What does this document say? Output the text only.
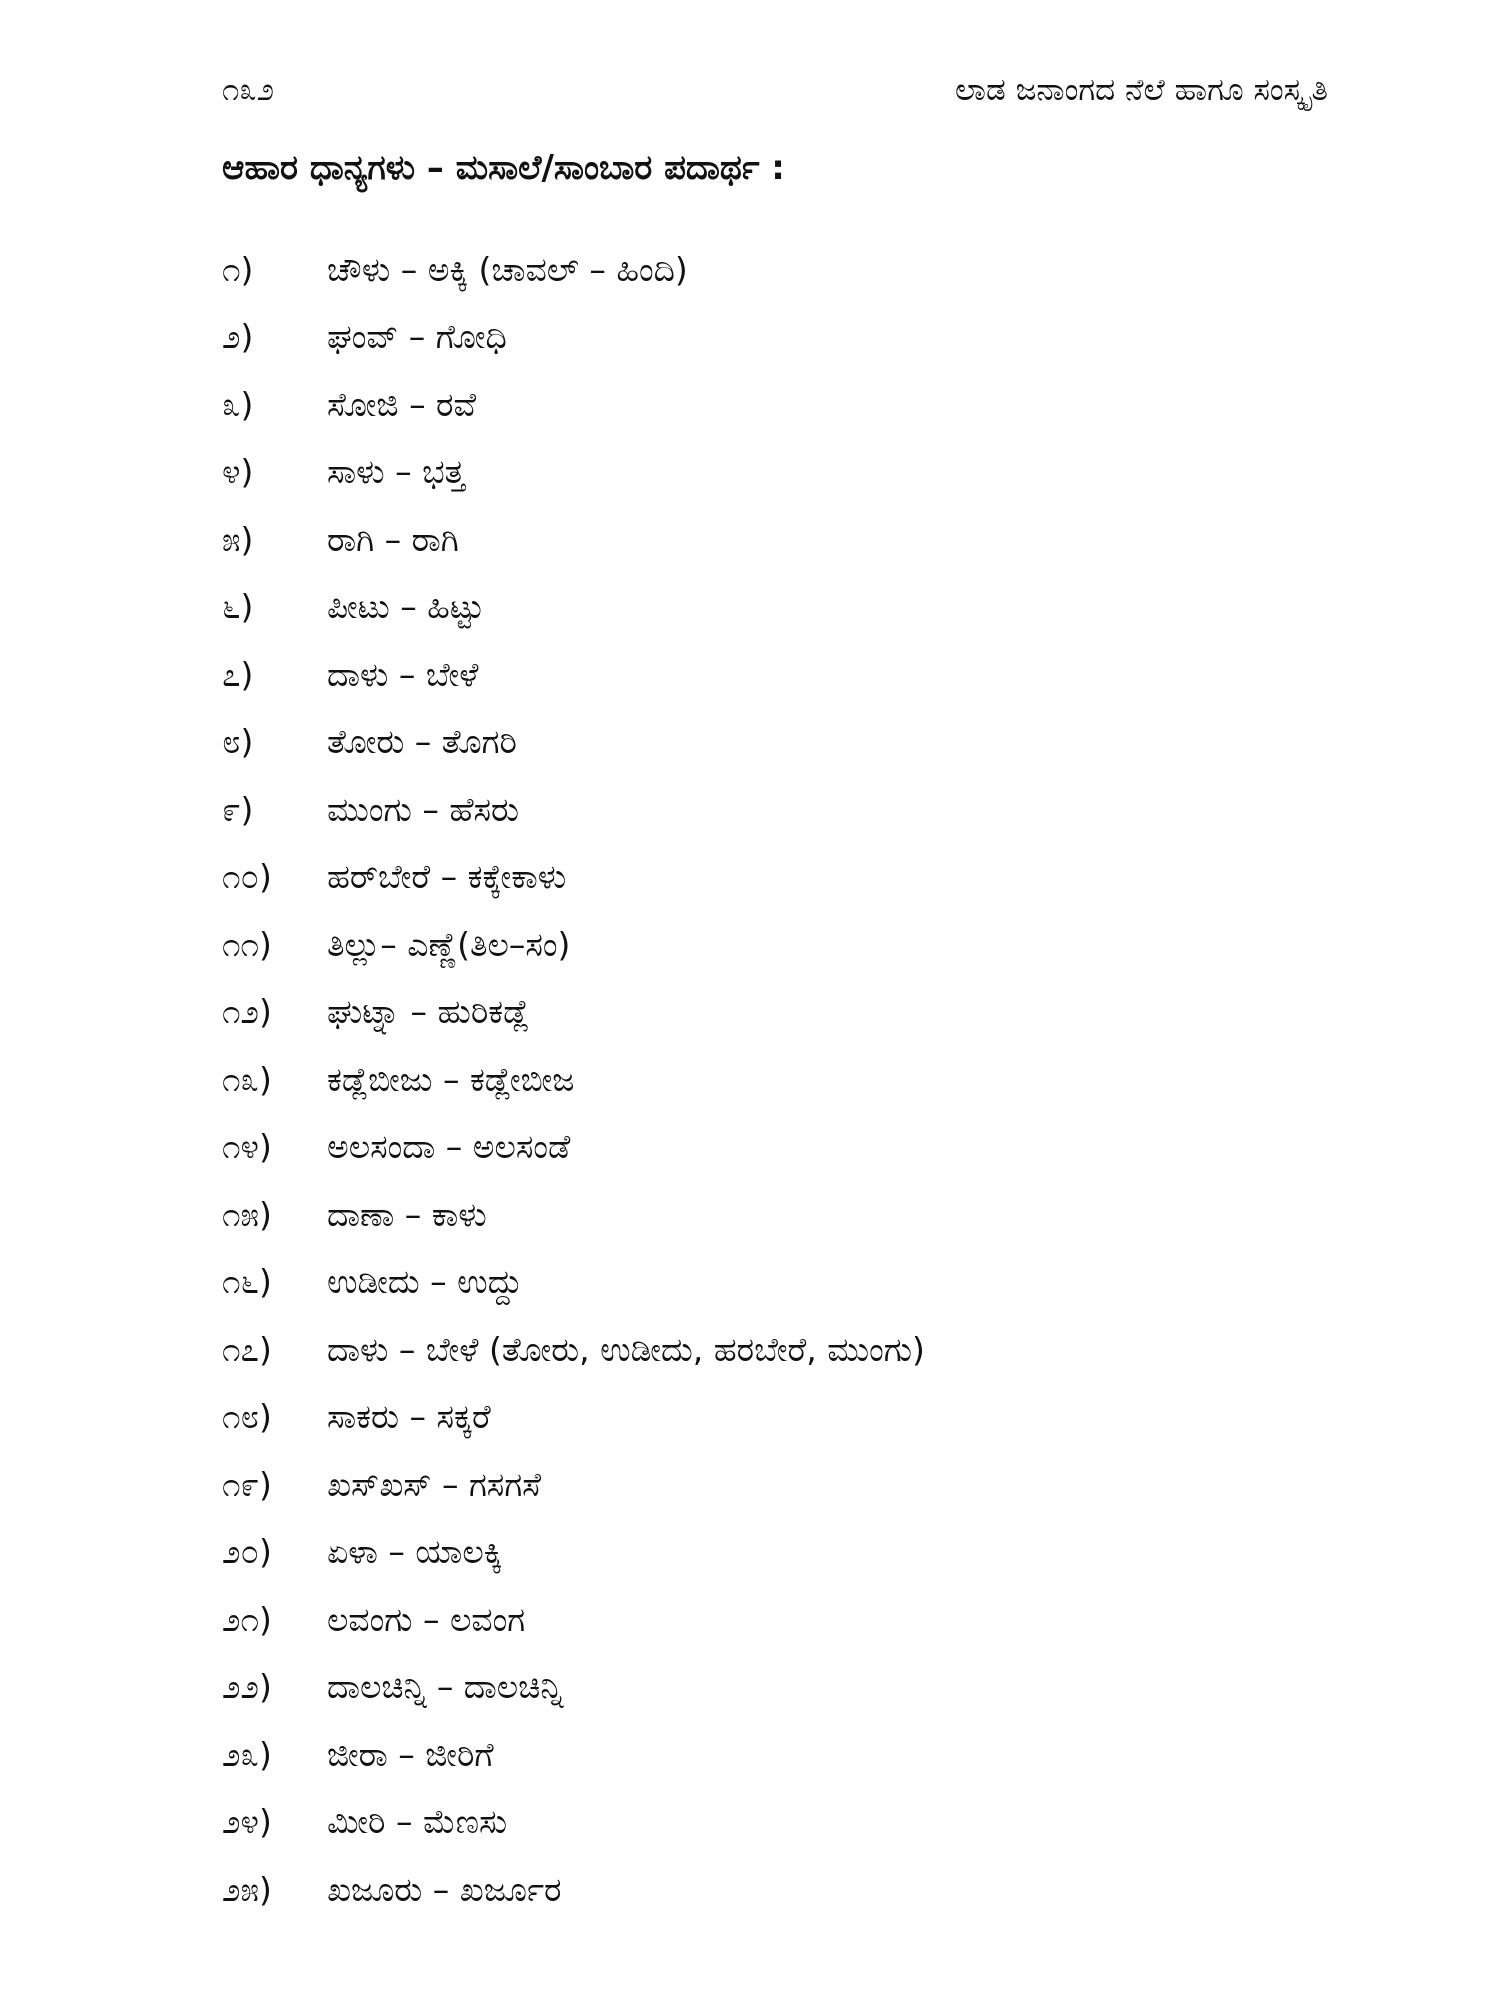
೧೩೨	ಲಾಡ ಜನಾಂಗದ ನೆಲೆ ಹಾಗೂ ಸಂಸ್ಕೃತಿ
ಆಹಾರ ಧಾನ್ಯಗಳು – ಮಸಾಲೆ/ಸಾಂಬಾರ ಪದಾರ್ಥ :
೧)	ಚೌಳು – ಅಕ್ಕಿ (ಚಾವಲ್ – ಹಿಂದಿ)
೨)	ಘಂವ್ – ಗೋಧಿ
೩)	ಸೋಜಿ – ರವೆ
೪)	ಸಾಳು – ಭತ್ತ
೫)	ರಾಗಿ – ರಾಗಿ
೬)	ಪೀಟು – ಹಿಟ್ಟು
೭)	ದಾಳು – ಬೇಳೆ
೮)	ತೋರು – ತೊಗರಿ
೯)	ಮುಂಗು – ಹೆಸರು
೧೦)	ಹರ್‌ಬೇರೆ – ಕಕ್ಕೇಕಾಳು
೧೧)	ತಿಲ್ಲು– ಎಣ್ಣೆ(ತಿಲ–ಸಂ)
೧೨)	ಘುಟ್ನಾ – ಹುರಿಕಡ್ಲೆ
೧೩)	ಕಡ್ಲೆಬೀಜು – ಕಡ್ಲೇಬೀಜ
೧೪)	ಅಲಸಂದಾ – ಅಲಸಂಡೆ
೧೫)	ದಾಣಾ – ಕಾಳು
೧೬)	ಉಡೀದು – ಉದ್ದು
೧೭)	ದಾಳು – ಬೇಳೆ (ತೋರು, ಉಡೀದು, ಹರಬೇರೆ, ಮುಂಗು)
೧೮)	ಸಾಕರು – ಸಕ್ಕರೆ
೧೯)	ಖಸ್‌ಖಸ್ – ಗಸಗಸೆ
೨೦)	ಏಳಾ – ಯಾಲಕ್ಕಿ
೨೧)	ಲವಂಗು – ಲವಂಗ
೨೨)	ದಾಲಚಿನ್ನಿ – ದಾಲಚಿನ್ನಿ
೨೩)	ಜೀರಾ – ಜೀರಿಗೆ
೨೪)	ಮೀರಿ – ಮೆಣಸು
೨೫)	ಖಜೂರು – ಖರ್ಜೂರ
